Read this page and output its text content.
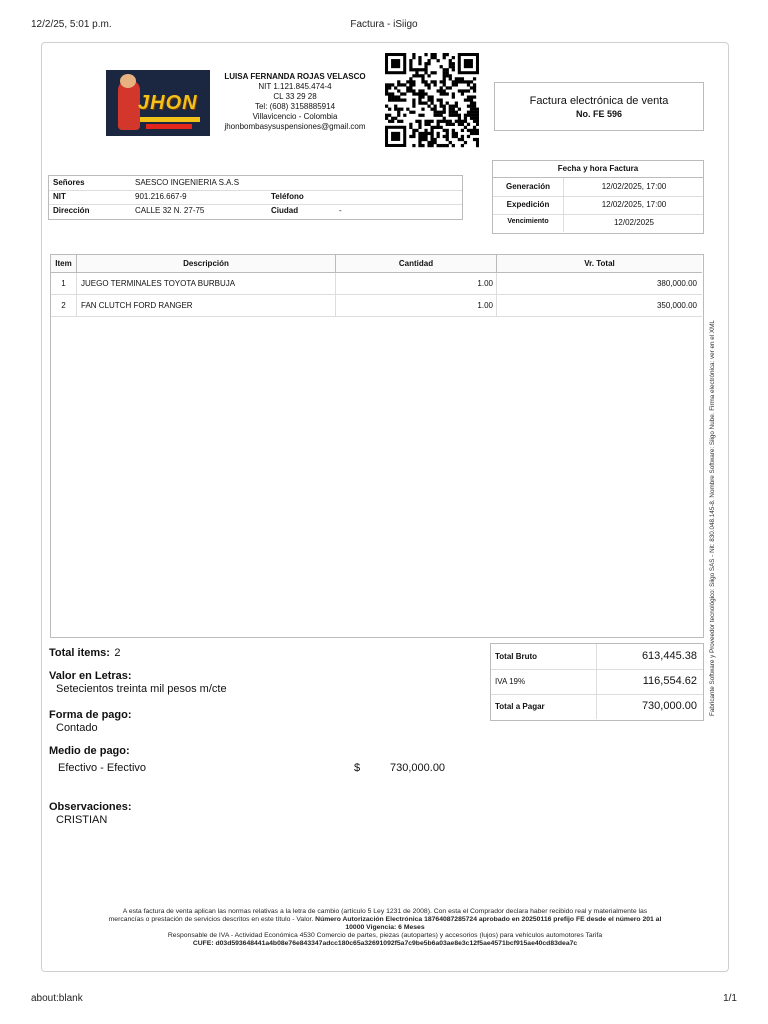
12/2/25, 5:01 p.m.	Factura - iSiigo
about:blank	1/1
JHON
LUISA FERNANDA ROJAS VELASCO
NIT 1.121.845.474-4
CL 33 29 28
Tel: (608) 3158885914
Villavicencio - Colombia
jhonbombasysuspensiones@gmail.com
Factura electrónica de venta
No. FE 596
Señores	SAESCO INGENIERIA S.A.S
NIT	901.216.667-9	Teléfono
Dirección	CALLE 32 N. 27-75	Ciudad	-
Fecha y hora Factura
Generación	12/02/2025, 17:00
Expedición	12/02/2025, 17:00
Vencimiento	12/02/2025
Item	Descripción	Cantidad	Vr. Total
1	JUEGO TERMINALES TOYOTA BURBUJA	1.00	380,000.00
2	FAN CLUTCH FORD RANGER	1.00	350,000.00
Total items: 2
Valor en Letras:
Setecientos treinta mil pesos m/cte
Forma de pago:
Contado
Medio de pago:
Efectivo - Efectivo	$	730,000.00
Observaciones:
CRISTIAN
Total Bruto	613,445.38
IVA 19%	116,554.62
Total a Pagar	730,000.00
A esta factura de venta aplican las normas relativas a la letra de cambio (artículo 5 Ley 1231 de 2008). Con esta el Comprador declara haber recibido real y materialmente las
mercancías o prestación de servicios descritos en este título - Valor. Número Autorización Electrónica 18764087285724 aprobado en 20250116 prefijo FE desde el número 201 al
10000 Vigencia: 6 Meses
Responsable de IVA - Actividad Económica 4530 Comercio de partes, piezas (autopartes) y accesorios (lujos) para vehículos automotores Tarifa
CUFE: d03d593648441a4b08e76e843347adcc180c65a32691092f5a7c9be5b6a03ae8e3c12f5ae4571bcf915ae40cd83dea7c
Fabricante Software y Proveedor tecnológico: Siigo SAS - Nit: 830.048.145-8. Nombre Software: Siigo Nube. Firma electrónica: ver en el XML
